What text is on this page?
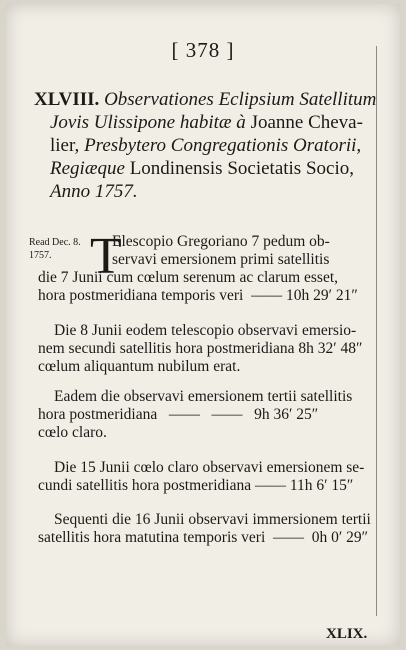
[ 378 ]
XLVIII. Observationes Eclipsium Satellitum
Jovis Ulissipone habitæ à Joanne Cheva-
lier, Presbytero Congregationis Oratorii,
Regiæque Londinensis Societatis Socio,
Anno 1757.
Read Dec. 8.
1757. T
Elescopio Gregoriano 7 pedum ob-
servavi emersionem primi satellitis
die 7 Junii cum cœlum serenum ac clarum esset,
hora postmeridiana temporis veri  —— 10h 29′ 21″
Die 8 Junii eodem telescopio observavi emersio-
nem secundi satellitis hora postmeridiana 8h 32′ 48″
cœlum aliquantum nubilum erat.
Eadem die observavi emersionem tertii satellitis
hora postmeridiana   ——   ——   9h 36′ 25″
cœlo claro.
Die 15 Junii cœlo claro observavi emersionem se-
cundi satellitis hora postmeridiana —— 11h 6′ 15″
Sequenti die 16 Junii observavi immersionem tertii
satellitis hora matutina temporis veri  ——  0h 0′ 29″
XLIX.
